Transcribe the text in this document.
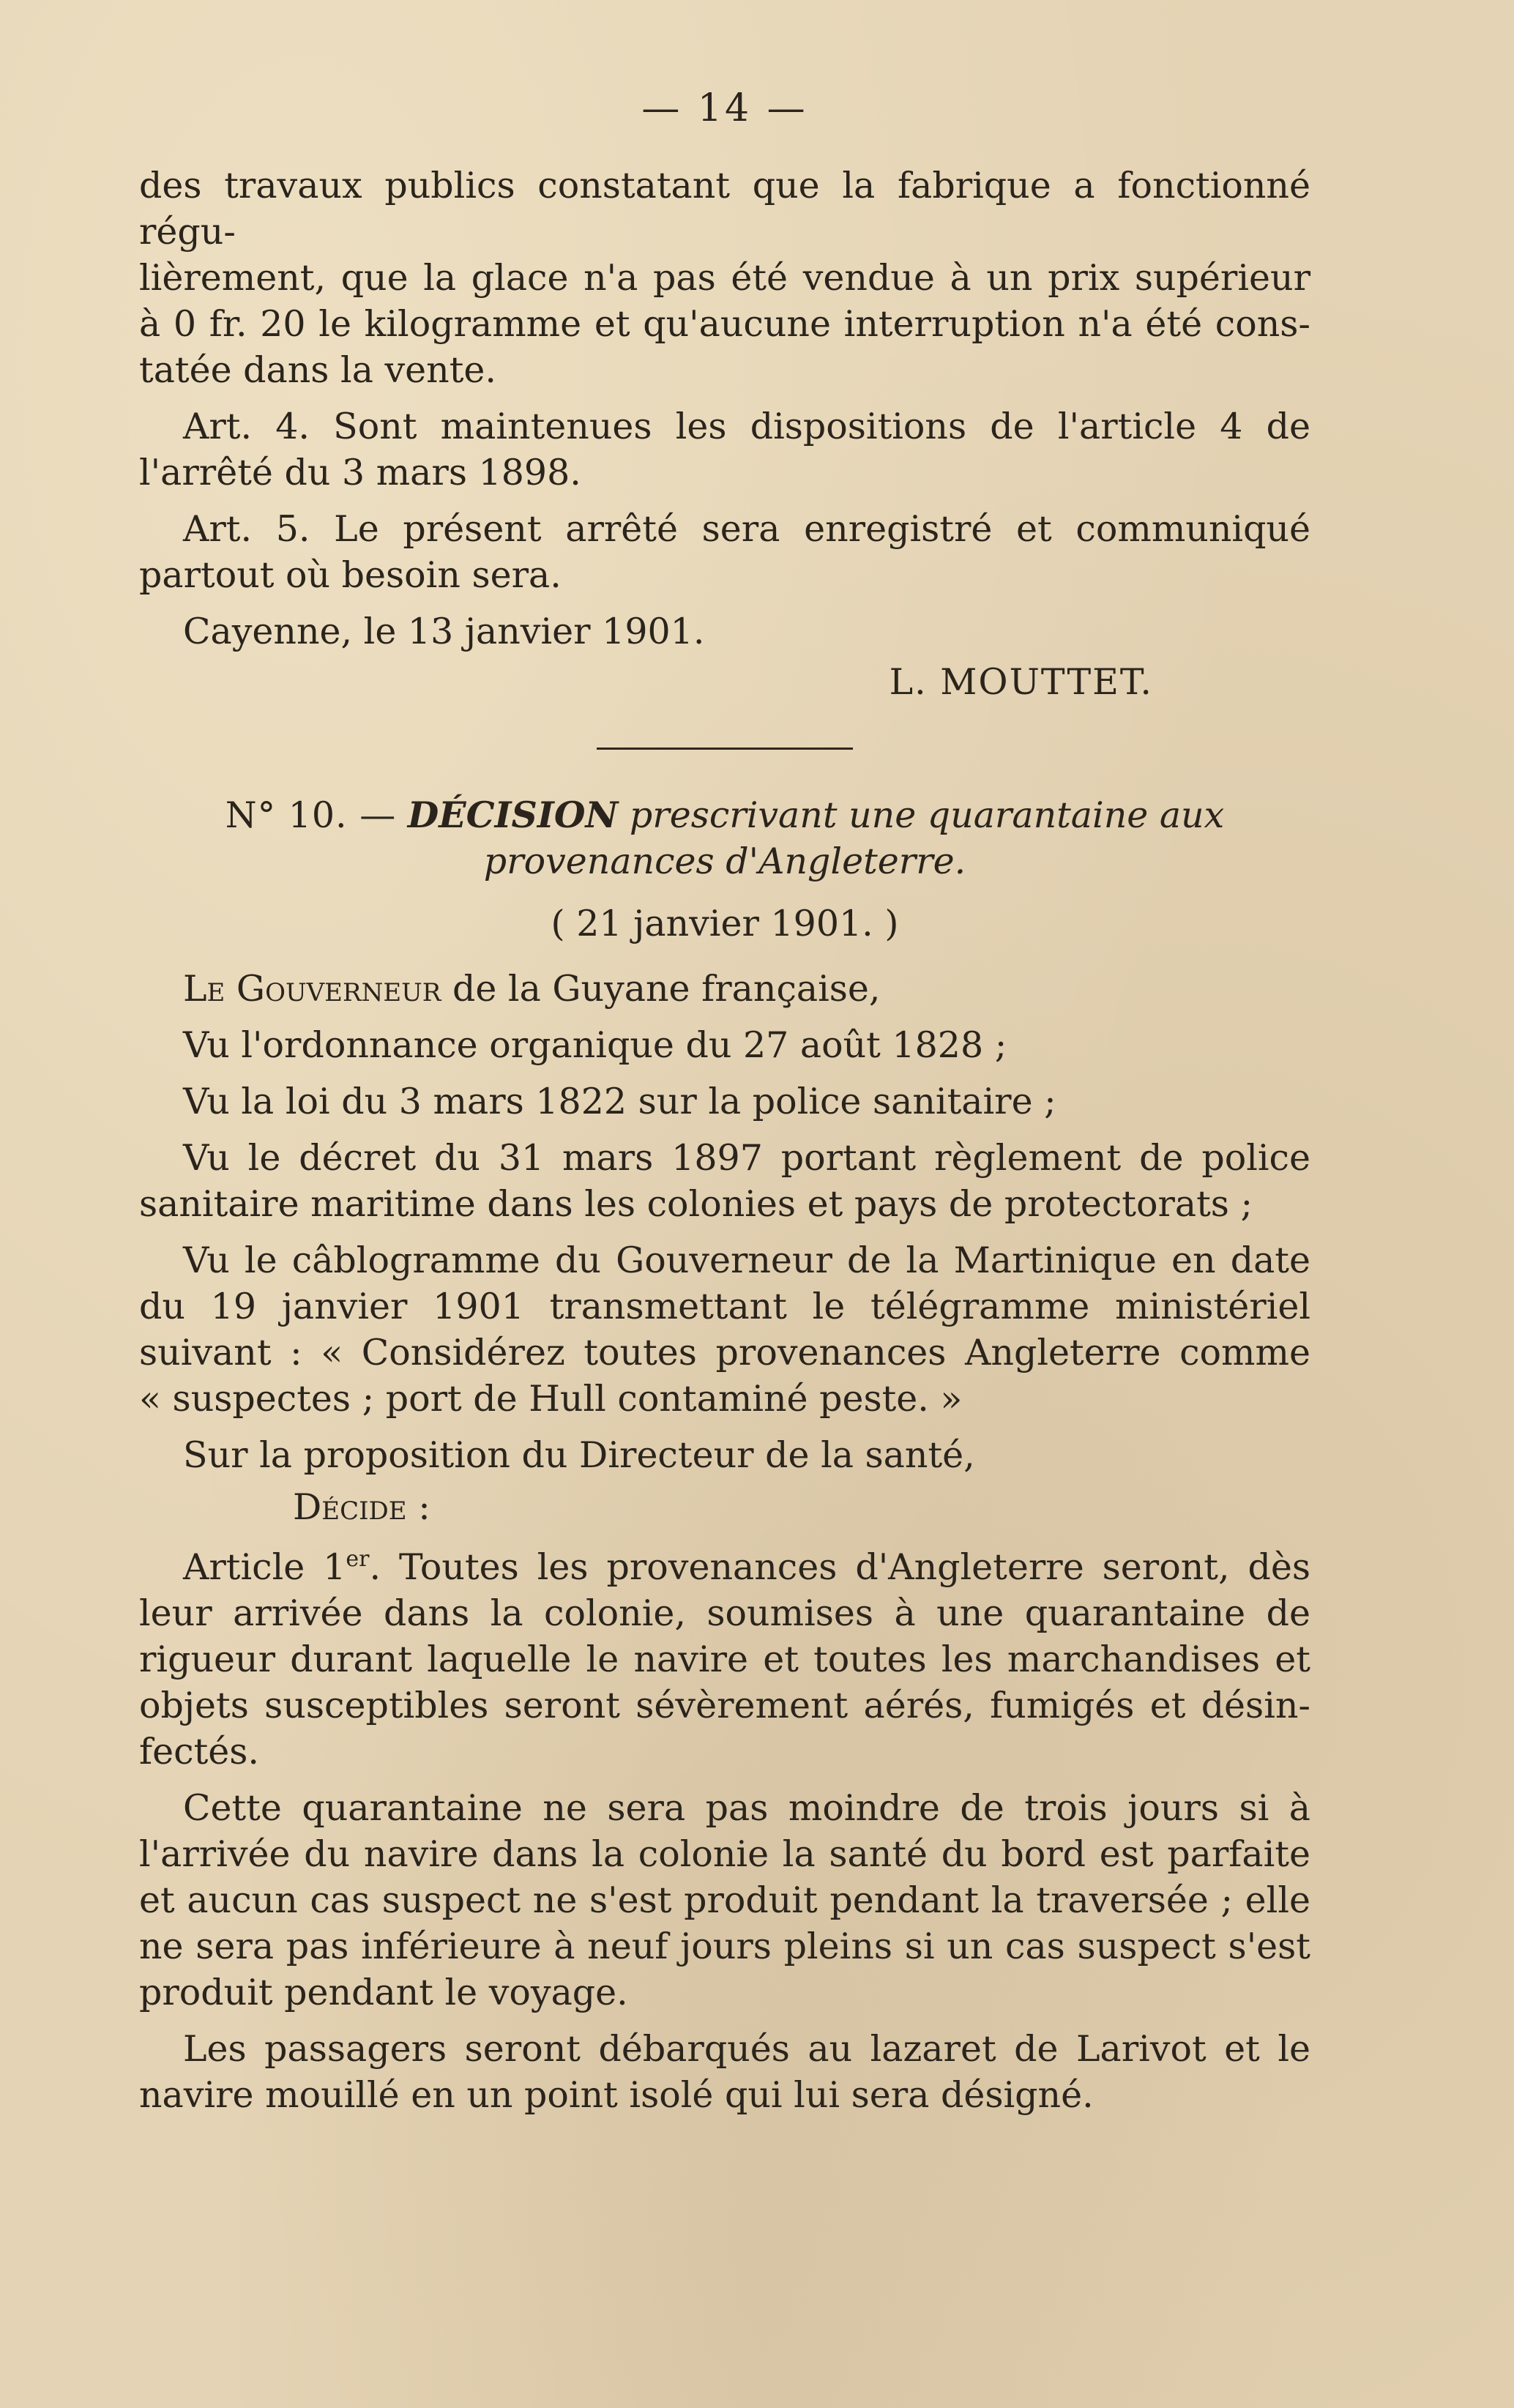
— 14 —

des travaux publics constatant que la fabrique a fonctionné régu-
lièrement, que la glace n'a pas été vendue à un prix supérieur
à 0 fr. 20 le kilogramme et qu'aucune interruption n'a été cons-
tatée dans la vente.

Art. 4. Sont maintenues les dispositions de l'article 4 de
l'arrêté du 3 mars 1898.

Art. 5. Le présent arrêté sera enregistré et communiqué
partout où besoin sera.

Cayenne, le 13 janvier 1901.

L. MOUTTET.

N° 10. — DÉCISION prescrivant une quarantaine aux
provenances d'Angleterre.
( 21 janvier 1901. )

Le Gouverneur de la Guyane française,

Vu l'ordonnance organique du 27 août 1828 ;

Vu la loi du 3 mars 1822 sur la police sanitaire ;

Vu le décret du 31 mars 1897 portant règlement de police
sanitaire maritime dans les colonies et pays de protectorats ;

Vu le câblogramme du Gouverneur de la Martinique en date
du 19 janvier 1901 transmettant le télégramme ministériel
suivant : « Considérez toutes provenances Angleterre comme
« suspectes ; port de Hull contaminé peste. »

Sur la proposition du Directeur de la santé,

Décide :

Article 1er. Toutes les provenances d'Angleterre seront, dès
leur arrivée dans la colonie, soumises à une quarantaine de
rigueur durant laquelle le navire et toutes les marchandises et
objets susceptibles seront sévèrement aérés, fumigés et désin-
fectés.

Cette quarantaine ne sera pas moindre de trois jours si à
l'arrivée du navire dans la colonie la santé du bord est parfaite
et aucun cas suspect ne s'est produit pendant la traversée ; elle
ne sera pas inférieure à neuf jours pleins si un cas suspect s'est
produit pendant le voyage.

Les passagers seront débarqués au lazaret de Larivot et le
navire mouillé en un point isolé qui lui sera désigné.
